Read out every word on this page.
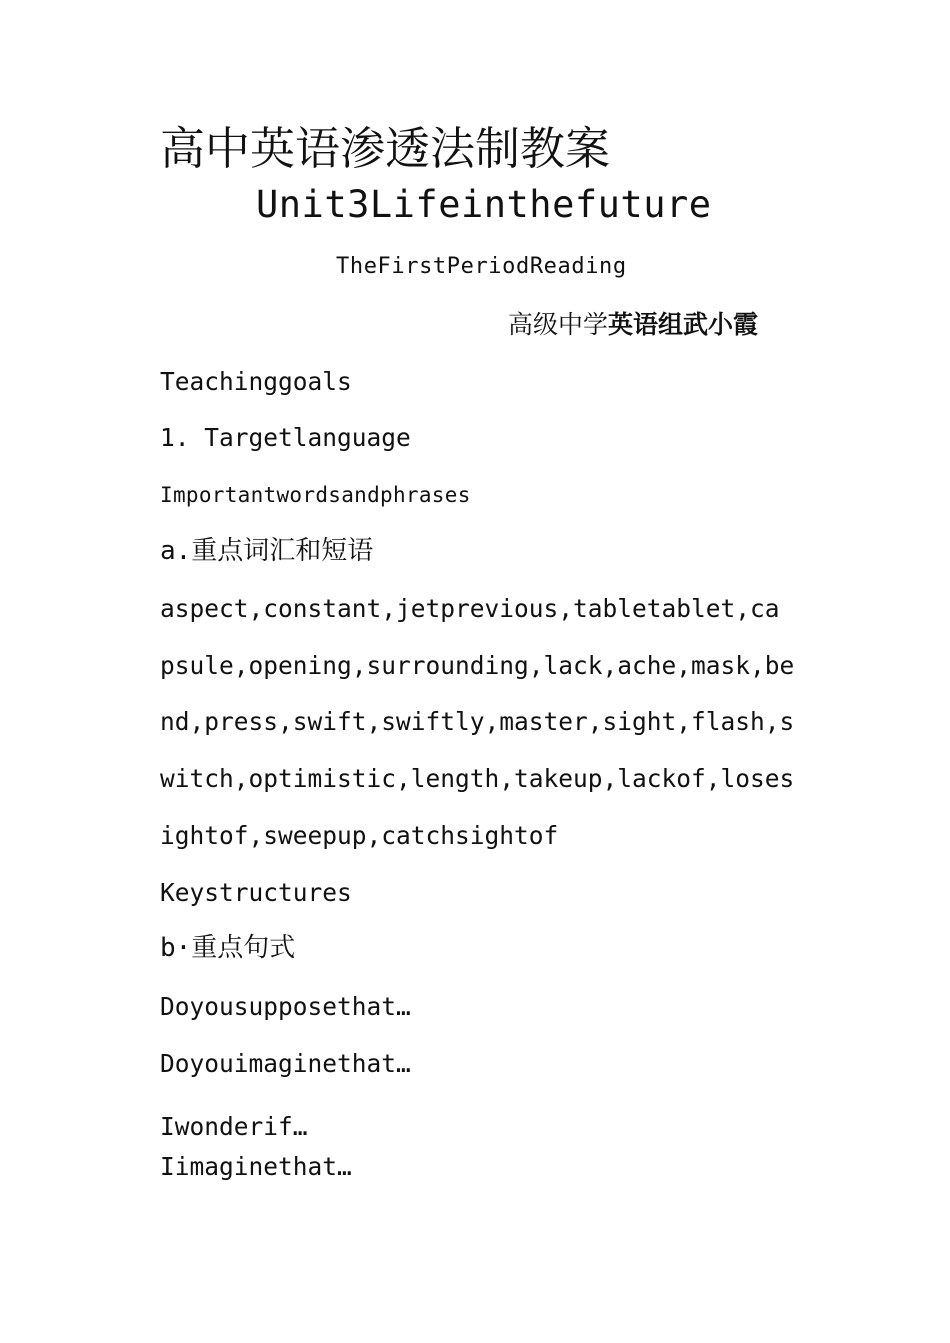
高中英语渗透法制教案
Unit3Lifeinthefuture
TheFirstPeriodReading
高级中学英语组武小霞
Teachinggoals
1. Targetlanguage
Importantwordsandphrases
a.重点词汇和短语
aspect,constant,jetprevious,tabletablet,ca
psule,opening,surrounding,lack,ache,mask,be
nd,press,swift,swiftly,master,sight,flash,s
witch,optimistic,length,takeup,lackof,loses
ightof,sweepup,catchsightof
Keystructures
b·重点句式
Doyousupposethat…
Doyouimaginethat…
Iwonderif…
Iimaginethat…
